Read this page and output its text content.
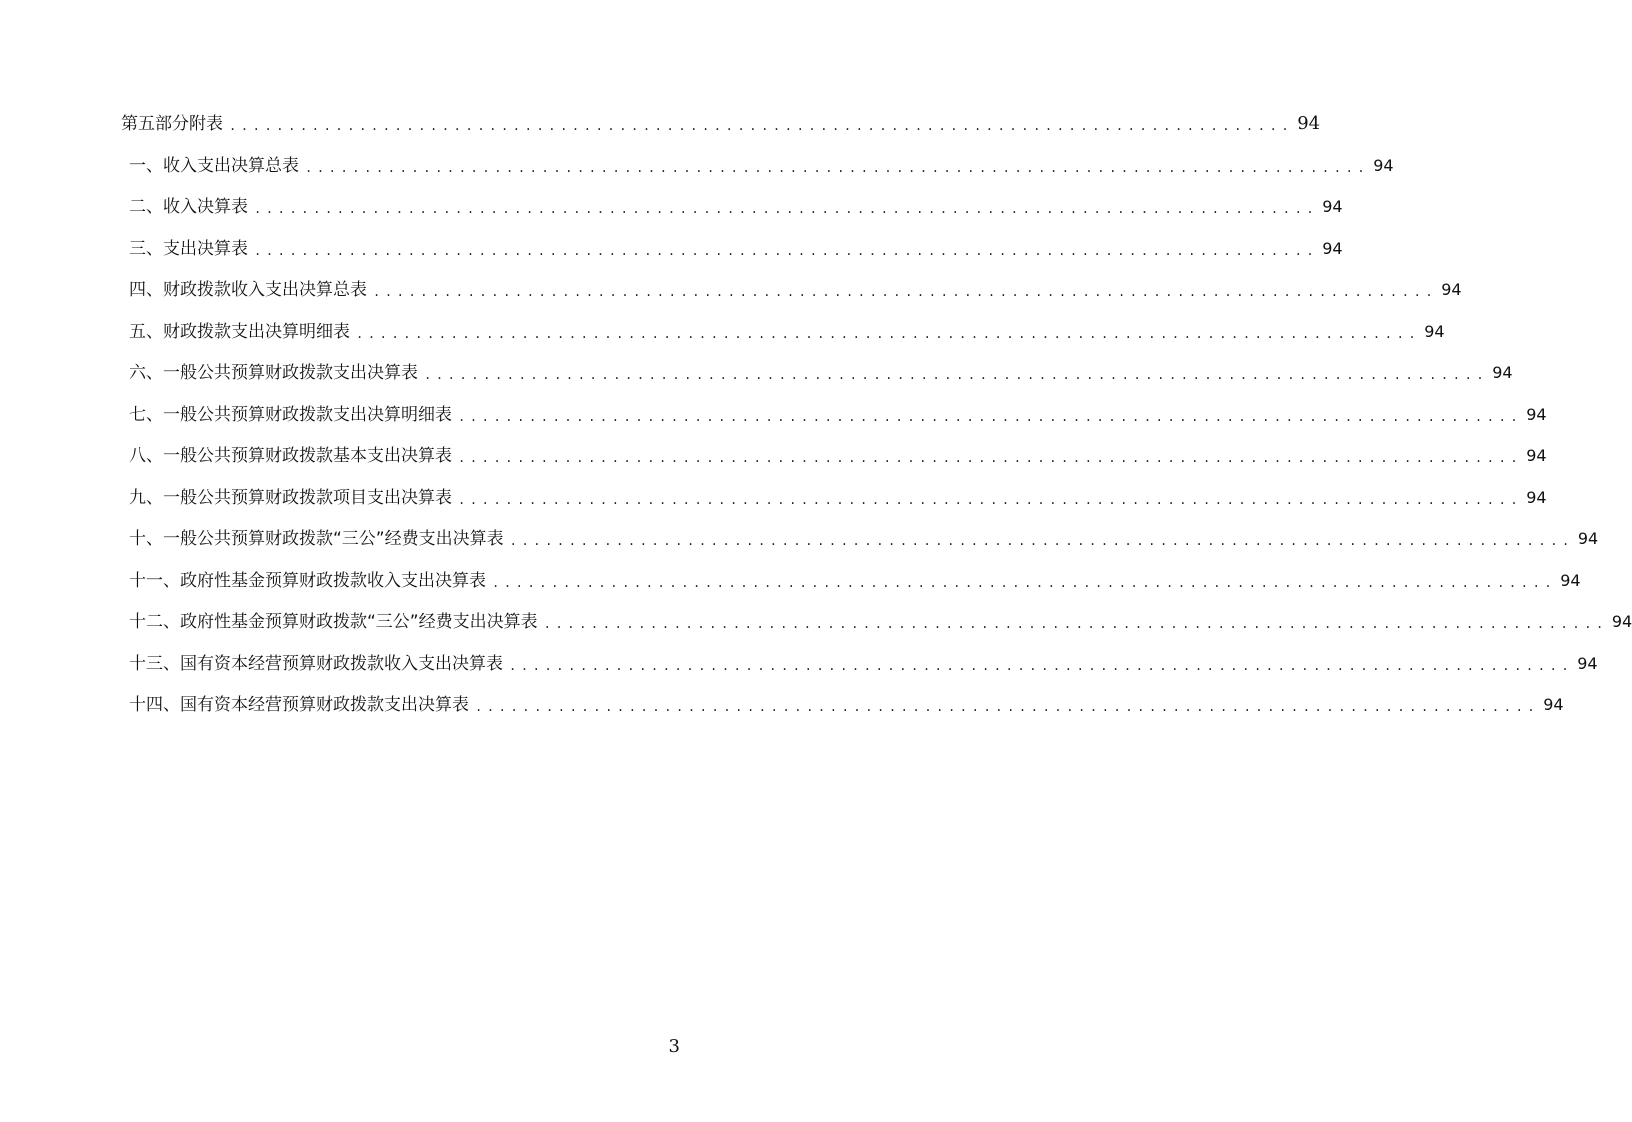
第五部分附表 .......................................................................................... 94
一、收入支出决算总表 .......................................................................................... 94
二、收入决算表 .......................................................................................... 94
三、支出决算表 .......................................................................................... 94
四、财政拨款收入支出决算总表 .......................................................................................... 94
五、财政拨款支出决算明细表 .......................................................................................... 94
六、一般公共预算财政拨款支出决算表 .......................................................................................... 94
七、一般公共预算财政拨款支出决算明细表 .......................................................................................... 94
八、一般公共预算财政拨款基本支出决算表 .......................................................................................... 94
九、一般公共预算财政拨款项目支出决算表 .......................................................................................... 94
十、一般公共预算财政拨款“三公”经费支出决算表 .......................................................................................... 94
十一、政府性基金预算财政拨款收入支出决算表 .......................................................................................... 94
十二、政府性基金预算财政拨款“三公”经费支出决算表 .......................................................................................... 94
十三、国有资本经营预算财政拨款收入支出决算表 .......................................................................................... 94
十四、国有资本经营预算财政拨款支出决算表 .......................................................................................... 94
3
